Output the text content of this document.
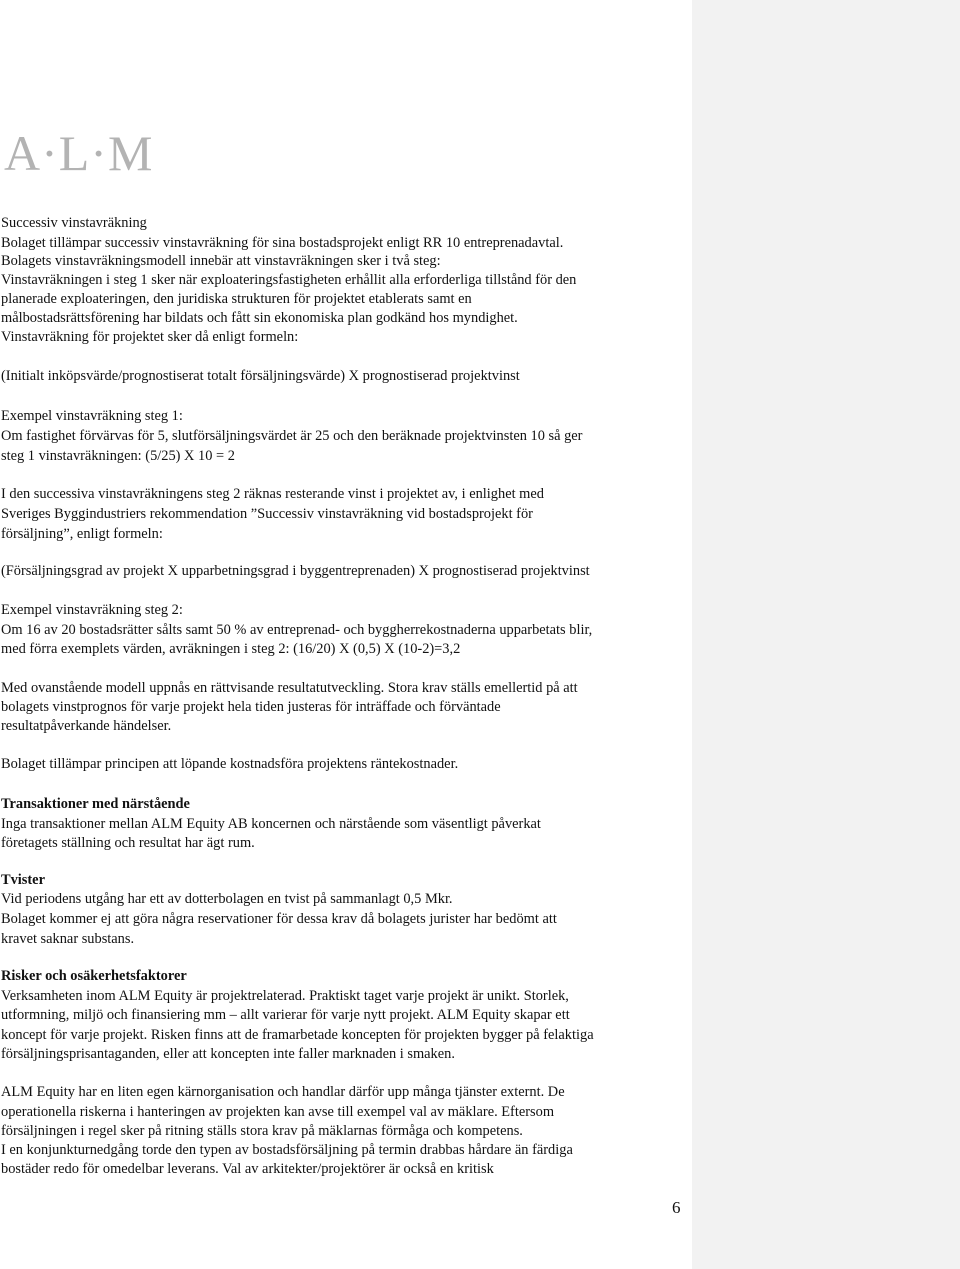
A·L·M
Successiv vinstavräkning
Bolaget tillämpar successiv vinstavräkning för sina bostadsprojekt enligt RR 10 entreprenadavtal.
Bolagets vinstavräkningsmodell innebär att vinstavräkningen sker i två steg:
Vinstavräkningen i steg 1 sker när exploateringsfastigheten erhållit alla erforderliga tillstånd för den
planerade exploateringen, den juridiska strukturen för projektet etablerats samt en
målbostadsrättsförening har bildats och fått sin ekonomiska plan godkänd hos myndighet.
Vinstavräkning för projektet sker då enligt formeln:
(Initialt inköpsvärde/prognostiserat totalt försäljningsvärde) X prognostiserad projektvinst
Exempel vinstavräkning steg 1:
Om fastighet förvärvas för 5, slutförsäljningsvärdet är 25 och den beräknade projektvinsten 10 så ger
steg 1 vinstavräkningen: (5/25) X 10 = 2
I den successiva vinstavräkningens steg 2 räknas resterande vinst i projektet av, i enlighet med
Sveriges Byggindustriers rekommendation ”Successiv vinstavräkning vid bostadsprojekt för
försäljning”, enligt formeln:
(Försäljningsgrad av projekt X upparbetningsgrad i byggentreprenaden) X prognostiserad projektvinst
Exempel vinstavräkning steg 2:
Om 16 av 20 bostadsrätter sålts samt 50 % av entreprenad- och byggherrekostnaderna upparbetats blir,
med förra exemplets värden, avräkningen i steg 2: (16/20) X (0,5) X (10-2)=3,2
Med ovanstående modell uppnås en rättvisande resultatutveckling. Stora krav ställs emellertid på att
bolagets vinstprognos för varje projekt hela tiden justeras för inträffade och förväntade
resultatpåverkande händelser.
Bolaget tillämpar principen att löpande kostnadsföra projektens räntekostnader.
Transaktioner med närstående
Inga transaktioner mellan ALM Equity AB koncernen och närstående som väsentligt påverkat
företagets ställning och resultat har ägt rum.
Tvister
Vid periodens utgång har ett av dotterbolagen en tvist på sammanlagt 0,5 Mkr.
Bolaget kommer ej att göra några reservationer för dessa krav då bolagets jurister har bedömt att
kravet saknar substans.
Risker och osäkerhetsfaktorer
Verksamheten inom ALM Equity är projektrelaterad. Praktiskt taget varje projekt är unikt. Storlek,
utformning, miljö och finansiering mm – allt varierar för varje nytt projekt. ALM Equity skapar ett
koncept för varje projekt. Risken finns att de framarbetade koncepten för projekten bygger på felaktiga
försäljningsprisantaganden, eller att koncepten inte faller marknaden i smaken.
ALM Equity har en liten egen kärnorganisation och handlar därför upp många tjänster externt. De
operationella riskerna i hanteringen av projekten kan avse till exempel val av mäklare. Eftersom
försäljningen i regel sker på ritning ställs stora krav på mäklarnas förmåga och kompetens.
I en konjunkturnedgång torde den typen av bostadsförsäljning på termin drabbas hårdare än färdiga
bostäder redo för omedelbar leverans. Val av arkitekter/projektörer är också en kritisk
6
